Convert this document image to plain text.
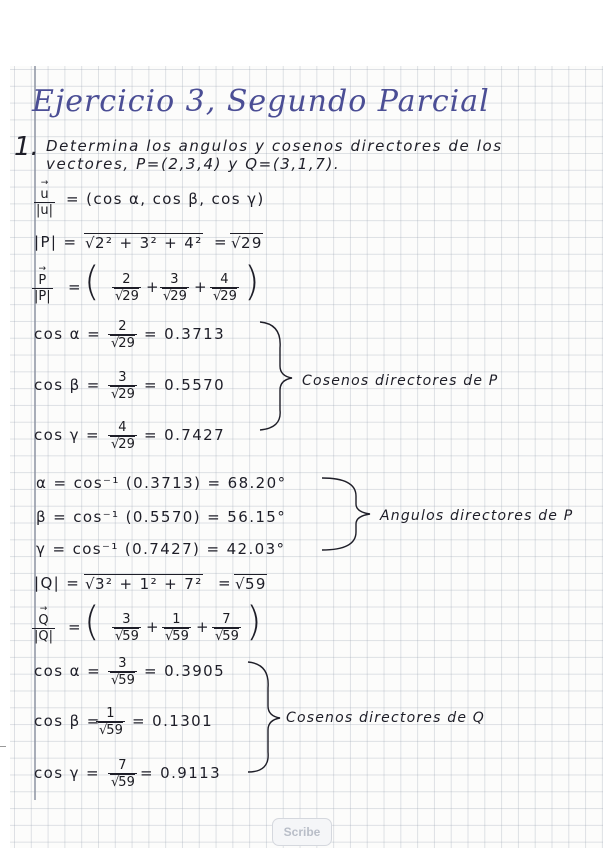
Ejercicio 3, Segundo Parcial
1. Determina los angulos y cosenos directores de los
vectores, P=(2,3,4) y Q=(3,1,7).
→
u
|u| = (cos α, cos β, cos γ)
|P| =	√ 2² + 3² + 4² = √ 29
→
P
|P| = ( 2
√ 29 + 3
√ 29 + 4
√ 29 )
cos α = 2
√ 29 = 0.3713
cos β = 3
√ 29 = 0.5570
cos γ = 4
√ 29 = 0.7427
Cosenos directores de P
α = cos⁻¹ (0.3713) = 68.20°
β = cos⁻¹ (0.5570) = 56.15°
γ = cos⁻¹ (0.7427) = 42.03°
Angulos directores de P
|Q| = √ 3² + 1² + 7² = √ 59
→
Q
|Q| = ( 3
√ 59 + 1
√ 59 + 7
√ 59 )
cos α = 3
√ 59 = 0.3905
cos β =
1
√ 59 = 0.1301
cos γ = 7
√ 59 = 0.9113
Cosenos directores de Q
Scribe
